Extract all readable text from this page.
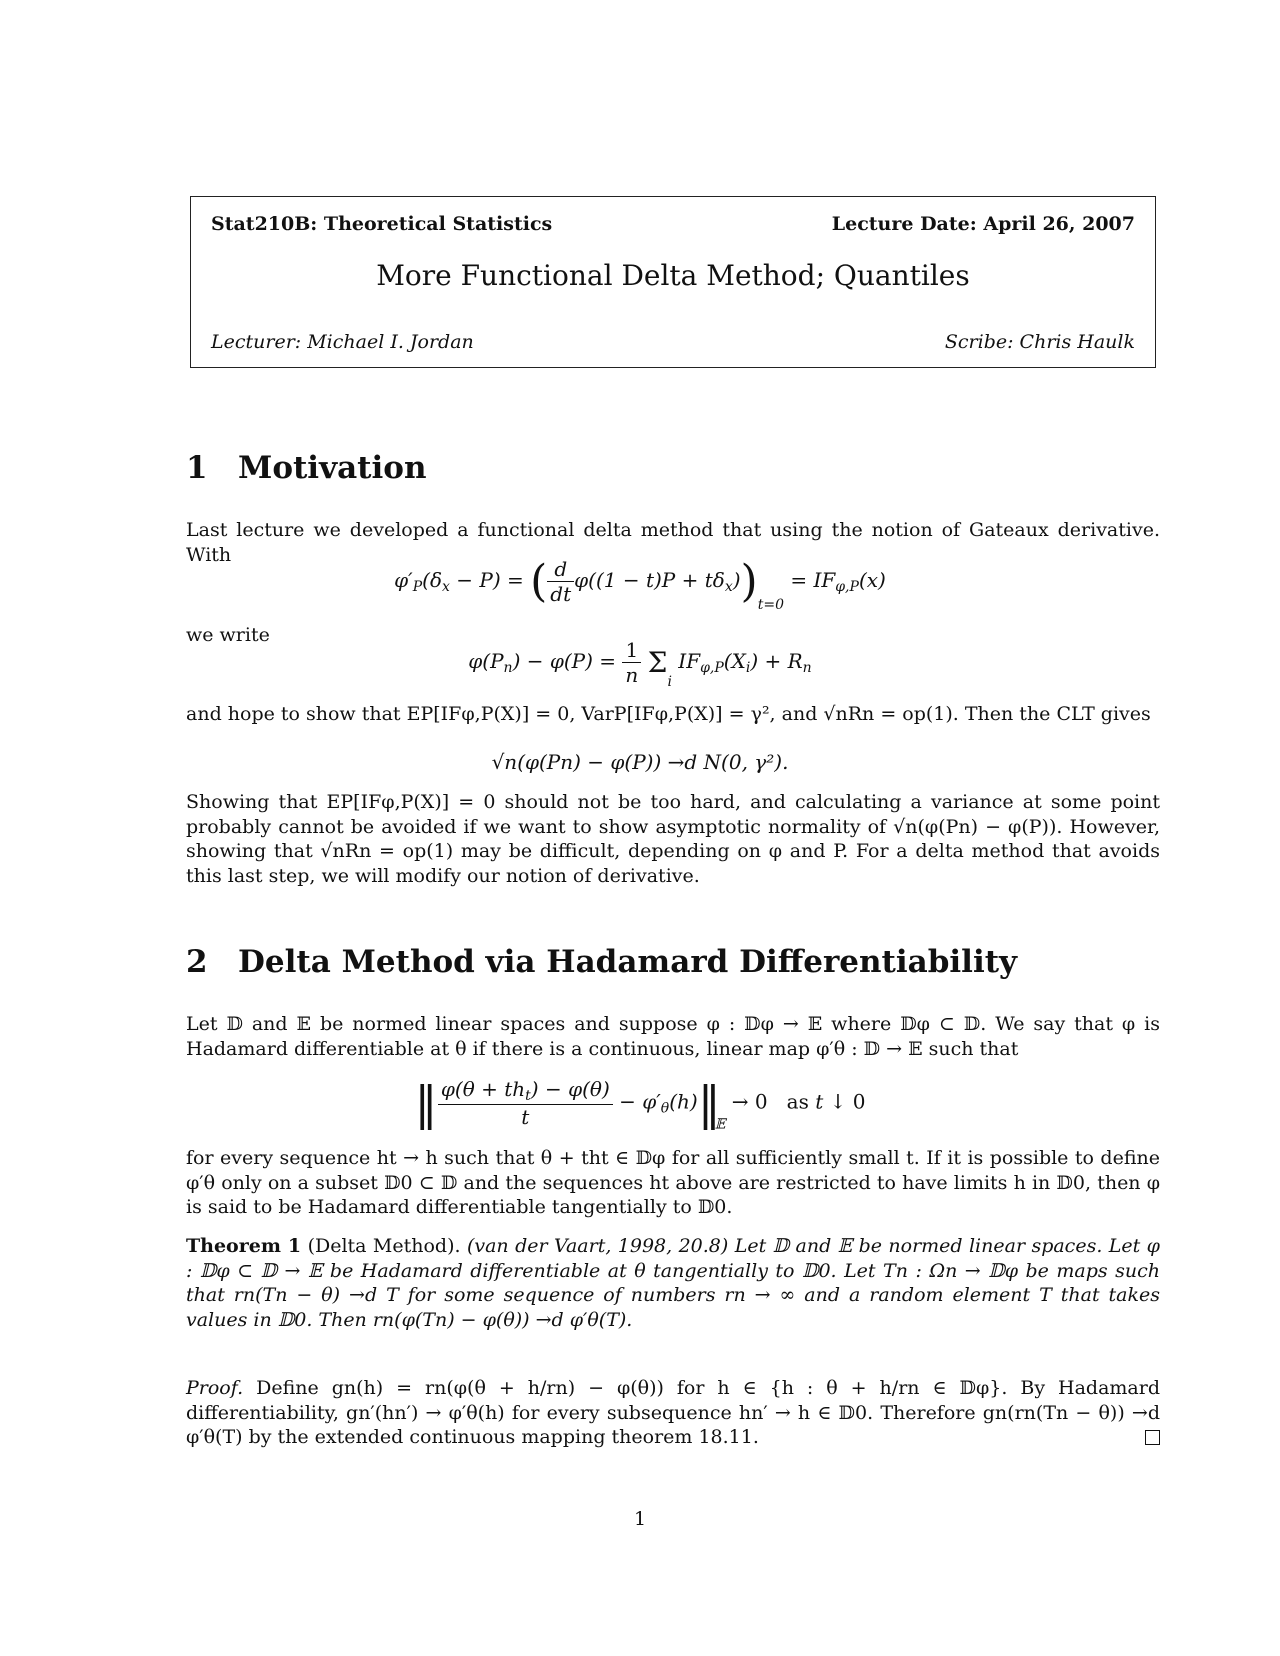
Stat210B: Theoretical Statistics	Lecture Date: April 26, 2007
More Functional Delta Method; Quantiles
Lecturer: Michael I. Jordan	Scribe: Chris Haulk
1 Motivation
Last lecture we developed a functional delta method that using the notion of Gateaux derivative. With
$\varphi'_P(\delta_x - P)$ = ( $\frac{d}{dt} \varphi((1 - t)P + t\delta_x))_{t=0} = IF_{\varphi,P}(x)$
we write
$\varphi(P_n) - \varphi(P) = \frac{1}{n} \Sigma_i$ $IF_{\varphi,P}(X_i) + R_n$
and hope to show that EP[IFφ,P(X)] = 0, VarP[IFφ,P(X)] = γ², and √nRn = op(1). Then the CLT gives
√n(φ(Pn) − φ(P)) →d N(0, γ²).
Showing that EP[IFφ,P(X)] = 0 should not be too hard, and calculating a variance at some point probably cannot be avoided if we want to show asymptotic normality of √n(φ(Pn) − φ(P)). However, showing that √nRn = op(1) may be difficult, depending on φ and P. For a delta method that avoids this last step, we will modify our notion of derivative.
2 Delta Method via Hadamard Differentiability
Let 𝔻 and 𝔼 be normed linear spaces and suppose φ : 𝔻φ → 𝔼 where 𝔻φ ⊂ 𝔻. We say that φ is Hadamard differentiable at θ if there is a continuous, linear map φ′θ : 𝔻 → 𝔼 such that
‖ $\frac{\varphi(\theta + th_t) - \varphi(\theta)}{t}$ − $\varphi'_\theta(h)‖_𝔼 \to 0$ as t ↓ 0
for every sequence ht → h such that θ + tht ∈ 𝔻φ for all sufficiently small t. If it is possible to define φ′θ only on a subset 𝔻0 ⊂ 𝔻 and the sequences ht above are restricted to have limits h in 𝔻0, then φ is said to be Hadamard differentiable tangentially to 𝔻0.
Theorem 1 (Delta Method). (van der Vaart, 1998, 20.8) Let 𝔻 and 𝔼 be normed linear spaces. Let φ : 𝔻φ ⊂ 𝔻 → 𝔼 be Hadamard differentiable at θ tangentially to 𝔻0. Let Tn : Ωn → 𝔻φ be maps such that rn(Tn − θ) →d T for some sequence of numbers rn → ∞ and a random element T that takes values in 𝔻0. Then rn(φ(Tn) − φ(θ)) →d φ′θ(T).
Proof. Define gn(h) = rn(φ(θ + h/rn) − φ(θ)) for h ∈ {h : θ + h/rn ∈ 𝔻φ}. By Hadamard differentiability, gn′(hn′) → φ′θ(h) for every subsequence hn′ → h ∈ 𝔻0. Therefore gn(rn(Tn − θ)) →d φ′θ(T) by the extended continuous mapping theorem 18.11.
1
